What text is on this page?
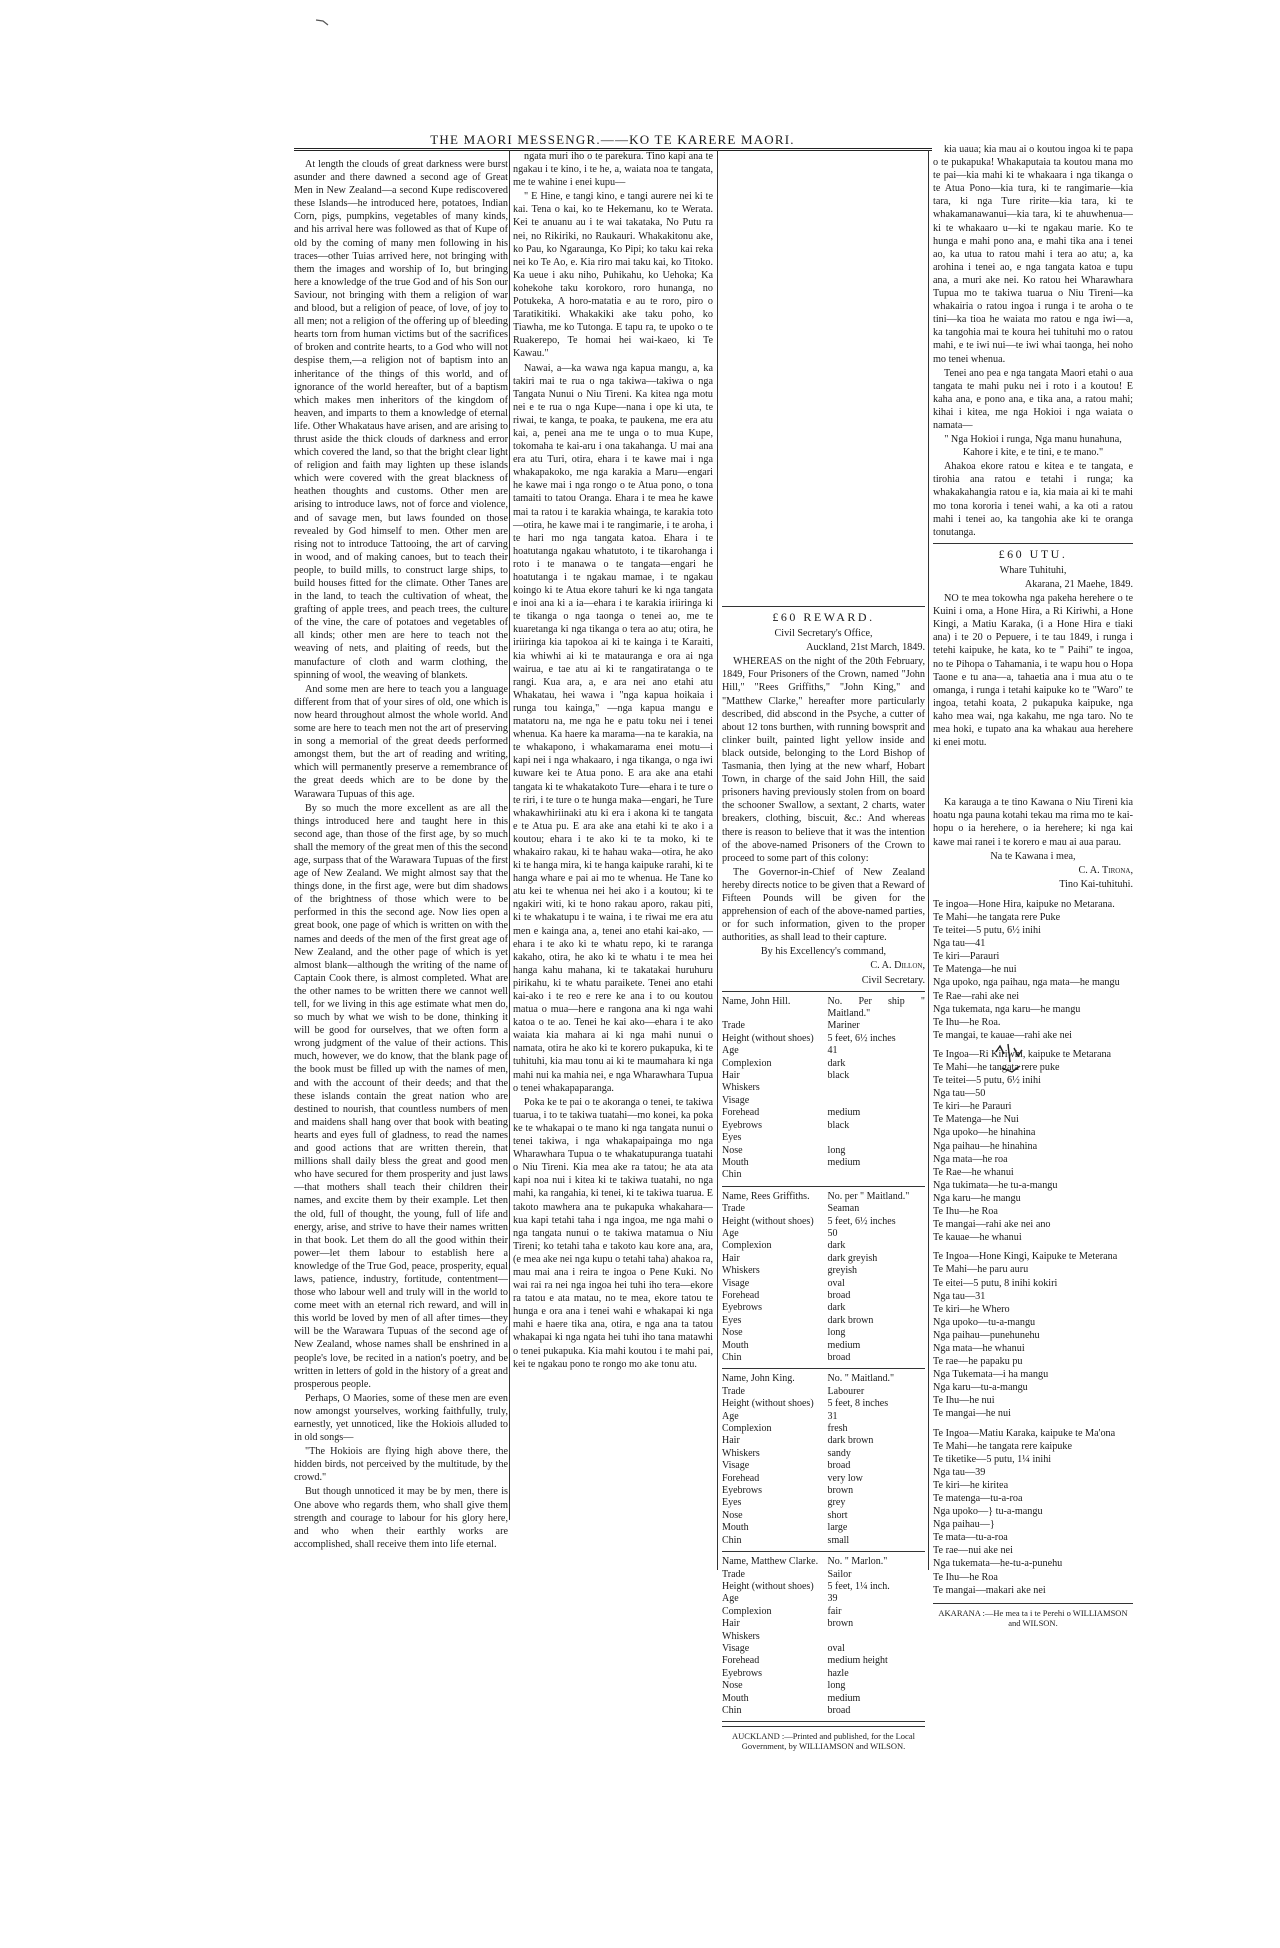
THE MAORI MESSENGR.——KO TE KARERE MAORI.

At length the clouds of great darkness were burst asunder and there dawned a second age of Great Men in New Zealand—a second Kupe rediscovered these Islands—he introduced here, potatoes, Indian Corn, pigs, pumpkins, vegetables of many kinds, and his arrival here was followed as that of Kupe of old by the coming of many men following in his traces—other Tuias arrived here, not bringing with them the images and worship of Io, but bringing here a knowledge of the true God and of his Son our Saviour, not bringing with them a religion of war and blood, but a religion of peace, of love, of joy to all men; not a religion of the offering up of bleeding hearts torn from human victims but of the sacrifices of broken and contrite hearts, to a God who will not despise them,—a religion not of baptism into an inheritance of the things of this world, and of ignorance of the world hereafter, but of a baptism which makes men inheritors of the kingdom of heaven, and imparts to them a knowledge of eternal life. Other Whakataus have arisen, and are arising to thrust aside the thick clouds of darkness and error which covered the land, so that the bright clear light of religion and faith may lighten up these islands which were covered with the great blackness of heathen thoughts and customs. Other men are arising to introduce laws, not of force and violence, and of savage men, but laws founded on those revealed by God himself to men. Other men are rising not to introduce Tattooing, the art of carving in wood, and of making canoes, but to teach their people, to build mills, to construct large ships, to build houses fitted for the climate. Other Tanes are in the land, to teach the cultivation of wheat, the grafting of apple trees, and peach trees, the culture of the vine, the care of potatoes and vegetables of all kinds; other men are here to teach not the weaving of nets, and plaiting of reeds, but the manufacture of cloth and warm clothing, the spinning of wool, the weaving of blankets.

And some men are here to teach you a language different from that of your sires of old, one which is now heard throughout almost the whole world. And some are here to teach men not the art of preserving in song a memorial of the great deeds performed amongst them, but the art of reading and writing, which will permanently preserve a remembrance of the great deeds which are to be done by the Warawara Tupuas of this age.

By so much the more excellent as are all the things introduced here and taught here in this second age, than those of the first age, by so much shall the memory of the great men of this the second age, surpass that of the Warawara Tupuas of the first age of New Zealand. We might almost say that the things done, in the first age, were but dim shadows of the brightness of those which were to be performed in this the second age. Now lies open a great book, one page of which is written on with the names and deeds of the men of the first great age of New Zealand, and the other page of which is yet almost blank—although the writing of the name of Captain Cook there, is almost completed. What are the other names to be written there we cannot well tell, for we living in this age estimate what men do, so much by what we wish to be done, thinking it will be good for ourselves, that we often form a wrong judgment of the value of their actions. This much, however, we do know, that the blank page of the book must be filled up with the names of men, and with the account of their deeds; and that the these islands contain the great nation who are destined to nourish, that countless numbers of men and maidens shall hang over that book with beating hearts and eyes full of gladness, to read the names and good actions that are written therein, that millions shall daily bless the great and good men who have secured for them prosperity and just laws—that mothers shall teach their children their names, and excite them by their example. Let then the old, full of thought, the young, full of life and energy, arise, and strive to have their names written in that book. Let them do all the good within their power—let them labour to establish here a knowledge of the True God, peace, prosperity, equal laws, patience, industry, fortitude, contentment—those who labour well and truly will in the world to come meet with an eternal rich reward, and will in this world be loved by men of all after times—they will be the Warawara Tupuas of the second age of New Zealand, whose names shall be enshrined in a people's love, be recited in a nation's poetry, and be written in letters of gold in the history of a great and prosperous people.

Perhaps, O Maories, some of these men are even now amongst yourselves, working faithfully, truly, earnestly, yet unnoticed, like the Hokiois alluded to in old songs—

"The Hokiois are flying high above there, the hidden birds, not perceived by the multitude, by the crowd."

But though unnoticed it may be by men, there is One above who regards them, who shall give them strength and courage to labour for his glory here, and who when their earthly works are accomplished, shall receive them into life eternal.

ngata muri iho o te parekura. Tino kapi ana te ngakau i te kino, i te he, a, waiata noa te tangata, me te wahine i enei kupu—

" E Hine, e tangi kino, e tangi aurere nei ki te kai. Tena o kai, ko te Hekemanu, ko te Werata. Kei te anuanu au i te wai takataka, No Putu ra nei, no Rikiriki, no Raukauri. Whakakitonu ake, ko Pau, ko Ngaraunga, Ko Pipi; ko taku kai reka nei ko Te Ao, e. Kia riro mai taku kai, ko Titoko. Ka ueue i aku niho, Puhikahu, ko Uehoka; Ka kohekohe taku korokoro, roro hunanga, no Potukeka, A horo-matatia e au te roro, piro o Taratikitiki. Whakakiki ake taku poho, ko Tiawha, me ko Tutonga. E tapu ra, te upoko o te Ruakerepo, Te homai hei wai-kaeo, ki Te Kawau."

Nawai, a—ka wawa nga kapua mangu, a, ka takiri mai te rua o nga takiwa—takiwa o nga Tangata Nunui o Niu Tireni. Ka kitea nga motu nei e te rua o nga Kupe—nana i ope ki uta, te riwai, te kanga, te poaka, te paukena, me era atu kai, a, penei ana me te unga o to mua Kupe, tokomaha te kai-aru i ona takahanga. U mai ana era atu Turi, otira, ehara i te kawe mai i nga whakapakoko, me nga karakia a Maru—engari he kawe mai i nga rongo o te Atua pono, o tona tamaiti to tatou Oranga. Ehara i te mea he kawe mai ta ratou i te karakia whainga, te karakia toto—otira, he kawe mai i te rangimarie, i te aroha, i te hari mo nga tangata katoa. Ehara i te hoatutanga ngakau whatutoto, i te tikarohanga i roto i te manawa o te tangata—engari he hoatutanga i te ngakau mamae, i te ngakau koingo ki te Atua ekore tahuri ke ki nga tangata e inoi ana ki a ia—ehara i te karakia iriiringa ki te tikanga o nga taonga o tenei ao, me te kuaretanga ki nga tikanga o tera ao atu; otira, he iriiringa kia tapokoa ai ki te kainga i te Karaiti, kia whiwhi ai ki te matauranga e ora ai nga wairua, e tae atu ai ki te rangatiratanga o te rangi. Kua ara, a, e ara nei ano etahi atu Whakatau, hei wawa i "nga kapua hoikaia i runga tou kainga," —nga kapua mangu e matatoru na, me nga he e patu toku nei i tenei whenua. Ka haere ka marama—na te karakia, na te whakapono, i whakamarama enei motu—i kapi nei i nga whakaaro, i nga tikanga, o nga iwi kuware kei te Atua pono. E ara ake ana etahi tangata ki te whakatakoto Ture—ehara i te ture o te riri, i te ture o te hunga maka—engari, he Ture whakawhiriinaki atu ki era i akona ki te tangata e te Atua pu. E ara ake ana etahi ki te ako i a koutou; ehara i te ako ki te ta moko, ki te whakairo rakau, ki te hahau waka—otira, he ako ki te hanga mira, ki te hanga kaipuke rarahi, ki te hanga whare e pai ai mo te whenua. He Tane ko atu kei te whenua nei hei ako i a koutou; ki te ngakiri witi, ki te hono rakau aporo, rakau piti, ki te whakatupu i te waina, i te riwai me era atu men e kainga ana, a, tenei ano etahi kai-ako, —ehara i te ako ki te whatu repo, ki te raranga kakaho, otira, he ako ki te whatu i te mea hei hanga kahu mahana, ki te takatakai huruhuru pirikahu, ki te whatu paraikete. Tenei ano etahi kai-ako i te reo e rere ke ana i to ou koutou matua o mua—here e rangona ana ki nga wahi katoa o te ao. Tenei he kai ako—ehara i te ako waiata kia mahara ai ki nga mahi nunui o namata, otira he ako ki te korero pukapuka, ki te tuhituhi, kia mau tonu ai ki te maumahara ki nga mahi nui ka mahia nei, e nga Wharawhara Tupua o tenei whakapaparanga.

Poka ke te pai o te akoranga o tenei, te takiwa tuarua, i to te takiwa tuatahi—mo konei, ka poka ke te whakapai o te mano ki nga tangata nunui o tenei takiwa, i nga whakapaipainga mo nga Wharawhara Tupua o te whakatupuranga tuatahi o Niu Tireni. Kia mea ake ra tatou; he ata ata kapi noa nui i kitea ki te takiwa tuatahi, no nga mahi, ka rangahia, ki tenei, ki te takiwa tuarua. E takoto mawhera ana te pukapuka whakahara—kua kapi tetahi taha i nga ingoa, me nga mahi o nga tangata nunui o te takiwa matamua o Niu Tireni; ko tetahi taha e takoto kau kore ana, ara, (e mea ake nei nga kupu o tetahi taha) ahakoa ra, mau mai ana i reira te ingoa o Pene Kuki. No wai rai ra nei nga ingoa hei tuhi iho tera—ekore ra tatou e ata matau, no te mea, ekore tatou te hunga e ora ana i tenei wahi e whakapai ki nga mahi e haere tika ana, otira, e nga ana ta tatou whakapai ki nga ngata hei tuhi iho tana matawhi o tenei pukapuka. Kia mahi koutou i te mahi pai, kei te ngakau pono te rongo mo ake tonu atu.

£60 REWARD.

Civil Secretary's Office,

Auckland, 21st March, 1849.

WHEREAS on the night of the 20th February, 1849, Four Prisoners of the Crown, named "John Hill," "Rees Griffiths," "John King," and "Matthew Clarke," hereafter more particularly described, did abscond in the Psyche, a cutter of about 12 tons burthen, with running bowsprit and clinker built, painted light yellow inside and black outside, belonging to the Lord Bishop of Tasmania, then lying at the new wharf, Hobart Town, in charge of the said John Hill, the said prisoners having previously stolen from on board the schooner Swallow, a sextant, 2 charts, water breakers, clothing, biscuit, &c.: And whereas there is reason to believe that it was the intention of the above-named Prisoners of the Crown to proceed to some part of this colony:

The Governor-in-Chief of New Zealand hereby directs notice to be given that a Reward of Fifteen Pounds will be given for the apprehension of each of the above-named parties, or for such information, given to the proper authorities, as shall lead to their capture.

By his Excellency's command,

C. A. Dillon,

Civil Secretary.

Name, John Hill.	No. Per ship " Maitland."
Trade	Mariner
Height (without shoes)	5 feet, 6½ inches
Age	41
Complexion	dark
Hair	black
Whiskers	
Visage	
Forehead	medium
Eyebrows	black
Eyes	
Nose	long
Mouth	medium
Chin	
Name, Rees Griffiths.	No. per " Maitland."
Trade	Seaman
Height (without shoes)	5 feet, 6½ inches
Age	50
Complexion	dark
Hair	dark greyish
Whiskers	greyish
Visage	oval
Forehead	broad
Eyebrows	dark
Eyes	dark brown
Nose	long
Mouth	medium
Chin	broad
Name, John King.	No. " Maitland."
Trade	Labourer
Height (without shoes)	5 feet, 8 inches
Age	31
Complexion	fresh
Hair	dark brown
Whiskers	sandy
Visage	broad
Forehead	very low
Eyebrows	brown
Eyes	grey
Nose	short
Mouth	large
Chin	small
Name, Matthew Clarke.	No. " Marlon."
Trade	Sailor
Height (without shoes)	5 feet, 1¼ inch.
Age	39
Complexion	fair
Hair	brown
Whiskers	
Visage	oval
Forehead	medium height
Eyebrows	hazle
Nose	long
Mouth	medium
Chin	broad

AUCKLAND :—Printed and published, for the Local Government, by WILLIAMSON and WILSON.

kia uaua; kia mau ai o koutou ingoa ki te papa o te pukapuka! Whakaputaia ta koutou mana mo te pai—kia mahi ki te whakaara i nga tikanga o te Atua Pono—kia tura, ki te rangimarie—kia tara, ki nga Ture ririte—kia tara, ki te whakamanawanui—kia tara, ki te ahuwhenua—ki te whakaaro u—ki te ngakau marie. Ko te hunga e mahi pono ana, e mahi tika ana i tenei ao, ka utua to ratou mahi i tera ao atu; a, ka arohina i tenei ao, e nga tangata katoa e tupu ana, a muri ake nei. Ko ratou hei Wharawhara Tupua mo te takiwa tuarua o Niu Tireni—ka whakairia o ratou ingoa i runga i te aroha o te tini—ka tioa he waiata mo ratou e nga iwi—a, ka tangohia mai te koura hei tuhituhi mo o ratou mahi, e te iwi nui—te iwi whai taonga, hei noho mo tenei whenua.

Tenei ano pea e nga tangata Maori etahi o aua tangata te mahi puku nei i roto i a koutou! E kaha ana, e pono ana, e tika ana, a ratou mahi; kihai i kitea, me nga Hokioi i nga waiata o namata—

" Nga Hokioi i runga, Nga manu hunahuna, Kahore i kite, e te tini, e te mano."

Ahakoa ekore ratou e kitea e te tangata, e tirohia ana ratou e tetahi i runga; ka whakakahangia ratou e ia, kia maia ai ki te mahi mo tona kororia i tenei wahi, a ka oti a ratou mahi i tenei ao, ka tangohia ake ki te oranga tonutanga.

£60 UTU.

Whare Tuhituhi,

Akarana, 21 Maehe, 1849.

NO te mea tokowha nga pakeha herehere o te Kuini i oma, a Hone Hira, a Ri Kiriwhi, a Hone Kingi, a Matiu Karaka, (i a Hone Hira e tiaki ana) i te 20 o Pepuere, i te tau 1849, i runga i tetehi kaipuke, he kata, ko te " Paihi" te ingoa, no te Pihopa o Tahamania, i te wapu hou o Hopa Taone e tu ana—a, tahaetia ana i mua atu o te omanga, i runga i tetahi kaipuke ko te "Waro" te ingoa, tetahi koata, 2 pukapuka kaipuke, nga kaho mea wai, nga kakahu, me nga taro. No te mea hoki, e tupato ana ka whakau aua herehere ki enei motu.

Ka karauga a te tino Kawana o Niu Tireni kia hoatu nga pauna kotahi tekau ma rima mo te kai-hopu o ia herehere, o ia herehere; ki nga kai kawe mai ranei i te korero e mau ai aua parau.

Na te Kawana i mea,

C. A. Tirona,

Tino Kai-tuhituhi.

Te ingoa—Hone Hira, kaipuke no Metarana.
Te Mahi—he tangata rere Puke
Te teitei—5 putu, 6½ inihi
Nga tau—41
Te kiri—Parauri
Te Matenga—he nui
Nga upoko, nga paihau, nga mata—he mangu
Te Rae—rahi ake nei
Nga tukemata, nga karu—he mangu
Te Ihu—he Roa.
Te mangai, te kauae—rahi ake nei
Te Ingoa—Ri Kiriwhi, kaipuke te Metarana
Te Mahi—he tangata rere puke
Te teitei—5 putu, 6½ inihi
Nga tau—50
Te kiri—he Parauri
Te Matenga—he Nui
Nga upoko—he hinahina
Nga paihau—he hinahina
Nga mata—he roa
Te Rae—he whanui
Nga tukimata—he tu-a-mangu
Nga karu—he mangu
Te Ihu—he Roa
Te mangai—rahi ake nei ano
Te kauae—he whanui
Te Ingoa—Hone Kingi, Kaipuke te Meterana
Te Mahi—he paru auru
Te eitei—5 putu, 8 inihi kokiri
Nga tau—31
Te kiri—he Whero
Nga upoko—tu-a-mangu
Nga paihau—punehunehu
Nga mata—he whanui
Te rae—he papaku pu
Nga Tukemata—i ha mangu
Nga karu—tu-a-mangu
Te Ihu—he nui
Te mangai—he nui
Te Ingoa—Matiu Karaka, kaipuke te Ma'ona
Te Mahi—he tangata rere kaipuke
Te tiketike—5 putu, 1¼ inihi
Nga tau—39
Te kiri—he kiritea
Te matenga—tu-a-roa
Nga upoko—} tu-a-mangu
Nga paihau—}
Te mata—tu-a-roa
Te rae—nui ake nei
Nga tukemata—he-tu-a-punehu
Te Ihu—he Roa
Te mangai—makari ake nei

AKARANA :—He mea ta i te Perehi o WILLIAMSON and WILSON.
